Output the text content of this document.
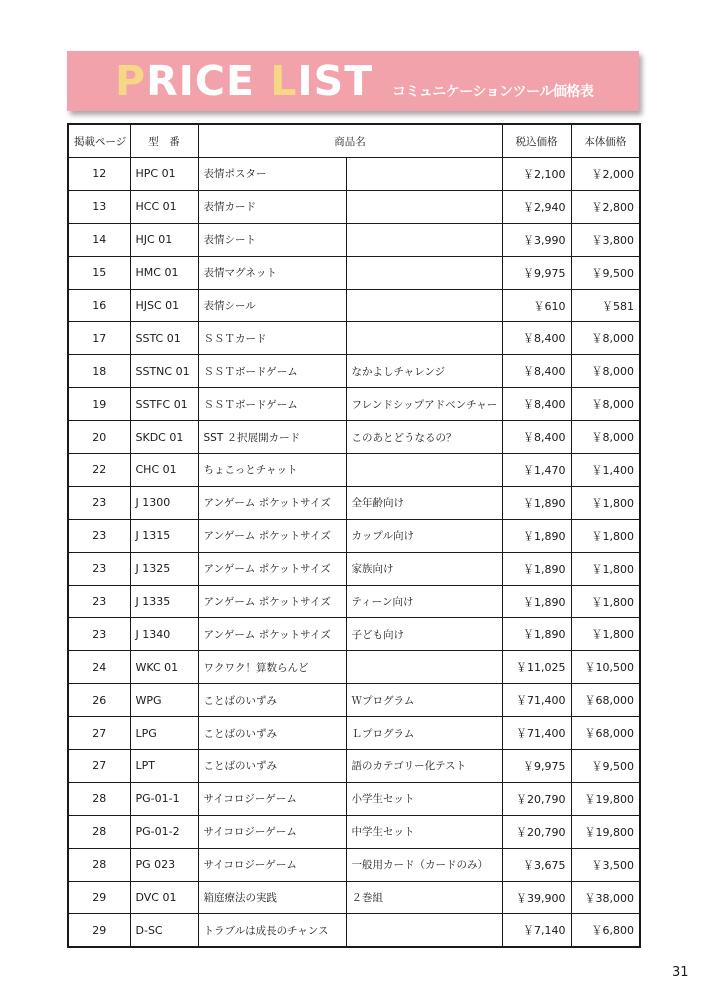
PRICE LIST コミュニケーションツール価格表
掲載ページ	型　番	商品名		税込価格	本体価格
12	HPC 01	表情ポスター		￥2,100	￥2,000
13	HCC 01	表情カード		￥2,940	￥2,800
14	HJC 01	表情シート		￥3,990	￥3,800
15	HMC 01	表情マグネット		￥9,975	￥9,500
16	HJSC 01	表情シール		￥610	￥581
17	SSTC 01	ＳＳＴカード		￥8,400	￥8,000
18	SSTNC 01	ＳＳＴボードゲーム	なかよしチャレンジ	￥8,400	￥8,000
19	SSTFC 01	ＳＳＴボードゲーム	フレンドシップアドベンチャー	￥8,400	￥8,000
20	SKDC 01	SST ２択展開カード	このあとどうなるの？	￥8,400	￥8,000
22	CHC 01	ちょこっとチャット		￥1,470	￥1,400
23	J 1300	アンゲーム ポケットサイズ	全年齢向け	￥1,890	￥1,800
23	J 1315	アンゲーム ポケットサイズ	カップル向け	￥1,890	￥1,800
23	J 1325	アンゲーム ポケットサイズ	家族向け	￥1,890	￥1,800
23	J 1335	アンゲーム ポケットサイズ	ティーン向け	￥1,890	￥1,800
23	J 1340	アンゲーム ポケットサイズ	子ども向け	￥1,890	￥1,800
24	WKC 01	ワクワク！算数らんど		￥11,025	￥10,500
26	WPG	ことばのいずみ	Ｗプログラム	￥71,400	￥68,000
27	LPG	ことばのいずみ	Ｌプログラム	￥71,400	￥68,000
27	LPT	ことばのいずみ	語のカテゴリー化テスト	￥9,975	￥9,500
28	PG-01-1	サイコロジーゲーム	小学生セット	￥20,790	￥19,800
28	PG-01-2	サイコロジーゲーム	中学生セット	￥20,790	￥19,800
28	PG 023	サイコロジーゲーム	一般用カード（カードのみ）	￥3,675	￥3,500
29	DVC 01	箱庭療法の実践	２巻組	￥39,900	￥38,000
29	D-SC	トラブルは成長のチャンス		￥7,140	￥6,800
31
